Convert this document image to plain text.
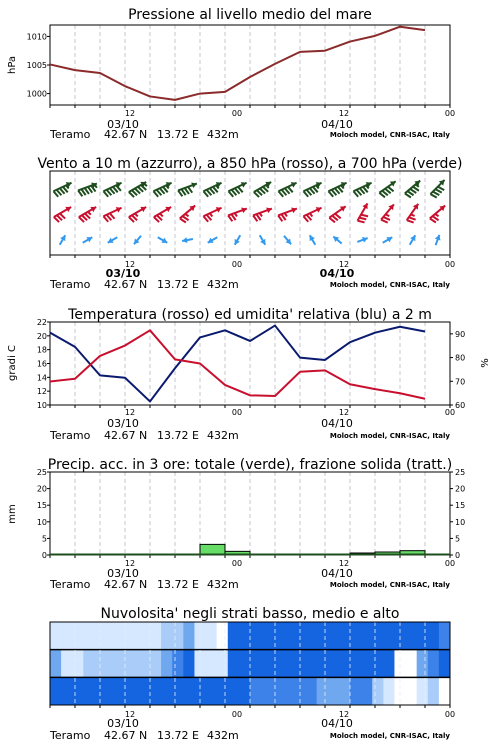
Pressione al livello medio del mare
hPa
1000
1005
1010
12	00	12	00
03/10	04/10
Teramo 42.67 N 13.72 E 432m	Moloch model, CNR-ISAC, Italy
Vento a 10 m (azzurro), a 850 hPa (rosso), a 700 hPa (verde)
12	00	12	00
03/10	04/10
Teramo 42.67 N 13.72 E 432m	Moloch model, CNR-ISAC, Italy
Temperatura (rosso) ed umidita' relativa (blu) a 2 m
gradi C	%
10
12
14
16
18
20
22
60
70
80
90
12	00	12	00
03/10	04/10
Teramo 42.67 N 13.72 E 432m	Moloch model, CNR-ISAC, Italy
Precip. acc. in 3 ore: totale (verde), frazione solida (tratt.)
mm
0
5
10
15
20
25
0
5
10
15
20
25
12	00	12	00
03/10	04/10
Teramo 42.67 N 13.72 E 432m	Moloch model, CNR-ISAC, Italy
Nuvolosita' negli strati basso, medio e alto
12	00	12	00
03/10	04/10
Teramo 42.67 N 13.72 E 432m	Moloch model, CNR-ISAC, Italy
